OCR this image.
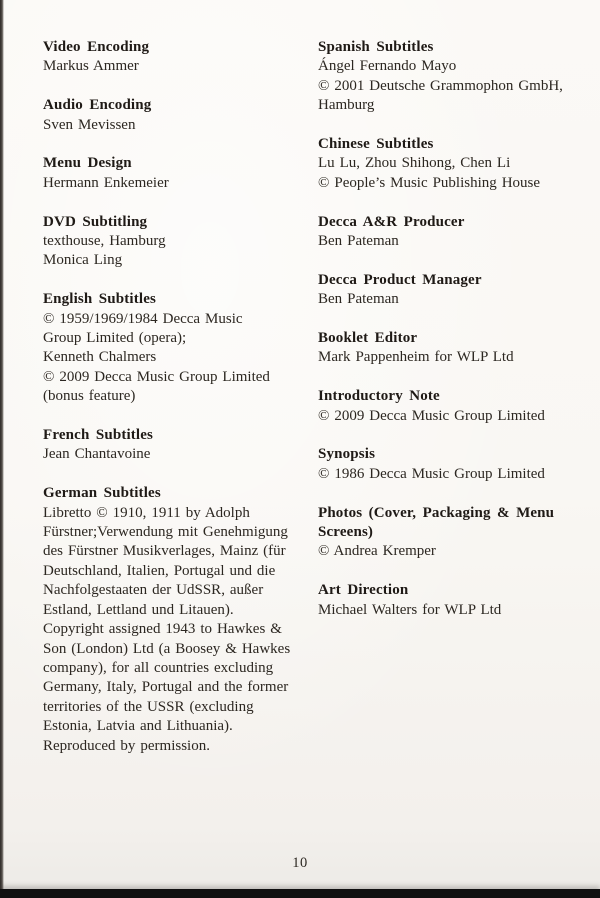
Video Encoding
Markus Ammer
Audio Encoding
Sven Mevissen
Menu Design
Hermann Enkemeier
DVD Subtitling
texthouse, Hamburg
Monica Ling
English Subtitles
© 1959/1969/1984 Decca Music
Group Limited (opera);
Kenneth Chalmers
© 2009 Decca Music Group Limited
(bonus feature)
French Subtitles
Jean Chantavoine
German Subtitles
Libretto © 1910, 1911 by Adolph
Fürstner;Verwendung mit Genehmigung
des Fürstner Musikverlages, Mainz (für
Deutschland, Italien, Portugal und die
Nachfolgestaaten der UdSSR, außer
Estland, Lettland und Litauen).
Copyright assigned 1943 to Hawkes &
Son (London) Ltd (a Boosey & Hawkes
company), for all countries excluding
Germany, Italy, Portugal and the former
territories of the USSR (excluding
Estonia, Latvia and Lithuania).
Reproduced by permission.
Spanish Subtitles
Ángel Fernando Mayo
© 2001 Deutsche Grammophon GmbH,
Hamburg
Chinese Subtitles
Lu Lu, Zhou Shihong, Chen Li
© People’s Music Publishing House
Decca A&R Producer
Ben Pateman
Decca Product Manager
Ben Pateman
Booklet Editor
Mark Pappenheim for WLP Ltd
Introductory Note
© 2009 Decca Music Group Limited
Synopsis
© 1986 Decca Music Group Limited
Photos (Cover, Packaging & Menu Screens)
© Andrea Kremper
Art Direction
Michael Walters for WLP Ltd
10
